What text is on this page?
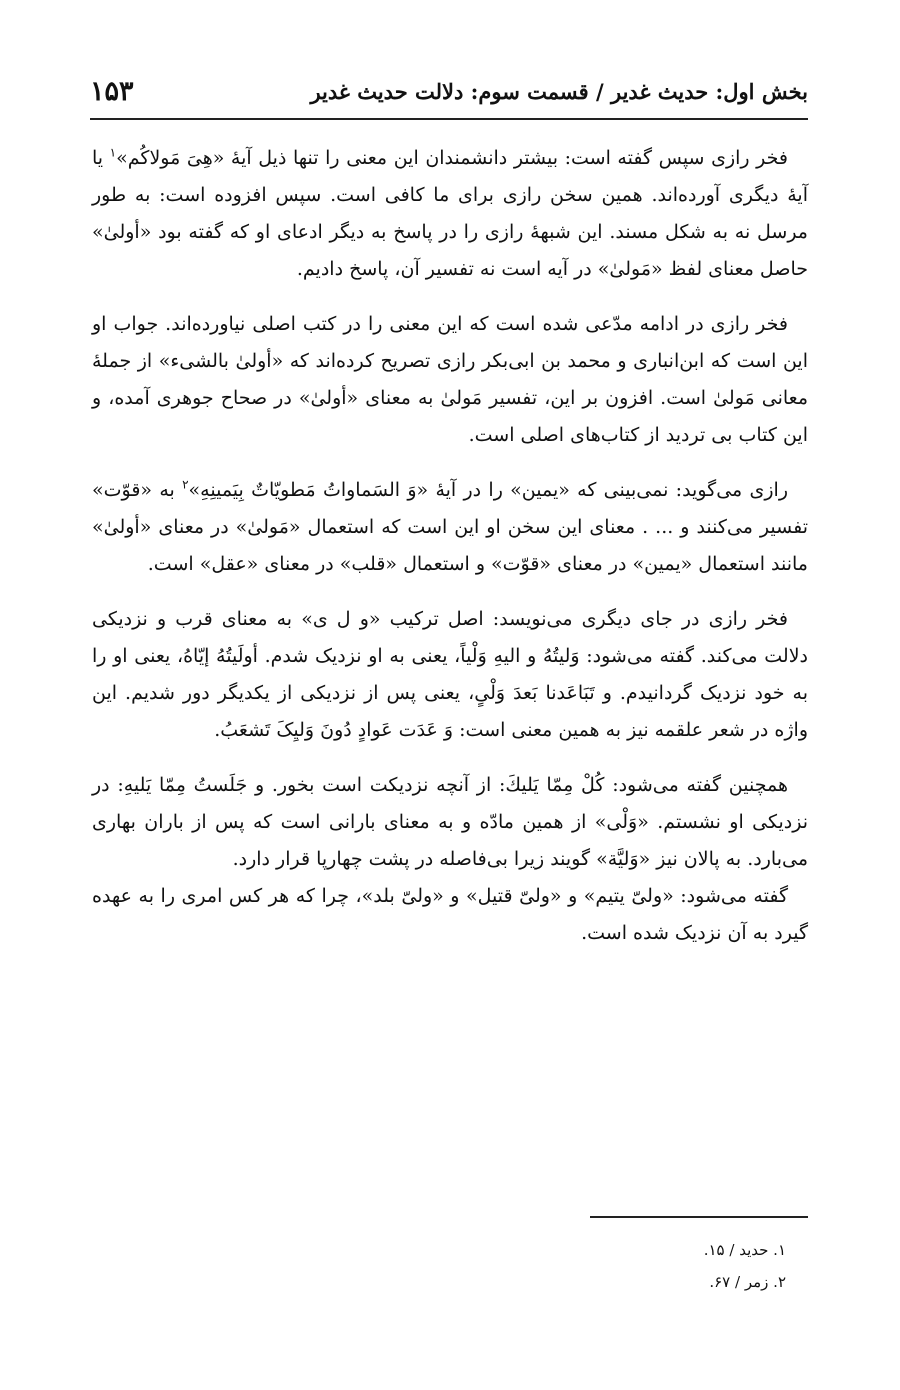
بخش اول: حدیث غدیر / قسمت سوم: دلالت حدیث غدیر
۱۵۳

فخر رازی سپس گفته است: بیشتر دانشمندان این معنی را تنها ذیل آیهٔ «هِیَ مَولاکُم»$^۱$ یا آیهٔ دیگری آورده‌اند. همین سخن رازی برای ما کافی است. سپس افزوده است: به طور مرسل نه به شکل مسند. این شبههٔ رازی را در پاسخ به دیگر ادعای او که گفته بود «أولیٰ» حاصل معنای لفظ «مَولیٰ» در آیه است نه تفسیر آن، پاسخ دادیم.

فخر رازی در ادامه مدّعی شده است که این معنی را در کتب اصلی نیاورده‌اند. جواب او این است که ابن‌انباری و محمد بن ابی‌بکر رازی تصریح کرده‌اند که «أولیٰ بالشیء» از جملهٔ معانی مَولیٰ است. افزون بر این، تفسیر مَولیٰ به معنای «أولیٰ» در صحاح جوهری آمده، و این کتاب بی تردید از کتاب‌های اصلی است.

رازی می‌گوید: نمی‌بینی که «یمین» را در آیهٔ «وَ السَماواتُ مَطویّاتٌ بِیَمینِهِ»$^۲$ به «قوّت» تفسیر می‌کنند و ... . معنای این سخن او این است که استعمال «مَولیٰ» در معنای «أولیٰ» مانند استعمال «یمین» در معنای «قوّت» و استعمال «قلب» در معنای «عقل» است.

فخر رازی در جای دیگری می‌نویسد: اصل ترکیب «و ل ی» به معنای قرب و نزدیکی دلالت می‌کند. گفته می‌شود: وَلیتُهُ و الیهِ وَلْیاً، یعنی به او نزدیک شدم. أولَیتُهُ إیّاهُ، یعنی او را به خود نزدیک گردانیدم. و تَبَاعَدنا بَعدَ وَلْیٍ، یعنی پس از نزدیکی از یکدیگر دور شدیم. این واژه در شعر علقمه نیز به همین معنی است: وَ عَدَت عَوادٍ دُونَ وَلیِکَ تَشعَبُ.

همچنین گفته می‌شود: کُلْ مِمّا یَلیكَ: از آنچه نزدیکت است بخور. و جَلَستُ مِمّا یَلیهِ: در نزدیکی او نشستم. «وَلْی» از همین مادّه و به معنای بارانی است که پس از باران بهاری می‌بارد. به پالان نیز «وَلیَّة» گویند زیرا بی‌فاصله در پشت چهارپا قرار دارد.

گفته می‌شود: «ولیّ یتیم» و «ولیّ قتیل» و «ولیّ بلد»، چرا که هر کس امری را به عهده گیرد به آن نزدیک شده است.

۱. حدید / ۱۵.

۲. زمر / ۶۷.
